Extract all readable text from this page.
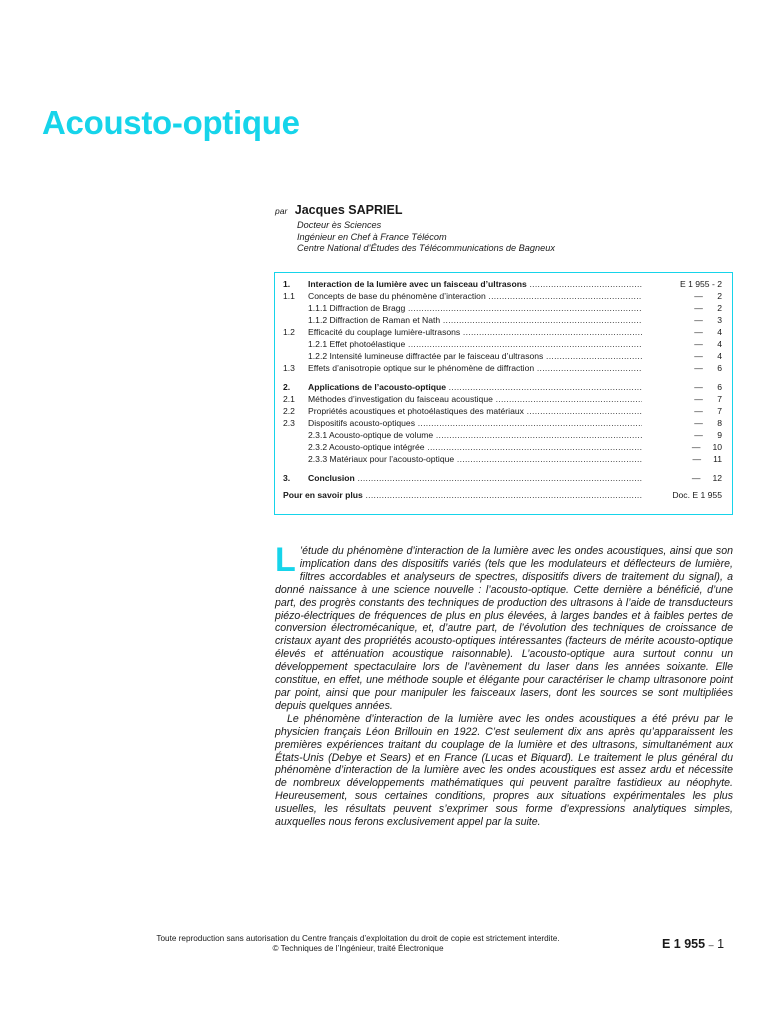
Acousto-optique
par Jacques SAPRIEL
Docteur ès Sciences
Ingénieur en Chef à France Télécom
Centre National d’Études des Télécommunications de Bagneux
1. Interaction de la lumière avec un faisceau d’ultrasons .....	E 1 955 - 2
1.1 Concepts de base du phénomène d’interaction .....	—      2
1.1.1 Diffraction de Bragg .....	—      2
1.1.2 Diffraction de Raman et Nath .....	—      3
1.2 Efficacité du couplage lumière-ultrasons .....	—      4
1.2.1 Effet photoélastique .....	—      4
1.2.2 Intensité lumineuse diffractée par le faisceau d’ultrasons .....	—      4
1.3 Effets d’anisotropie optique sur le phénomène de diffraction .....	—      6
2. Applications de l’acousto-optique .....	—      6
2.1 Méthodes d’investigation du faisceau acoustique .....	—      7
2.2 Propriétés acoustiques et photoélastiques des matériaux .....	—      7
2.3 Dispositifs acousto-optiques .....	—      8
2.3.1 Acousto-optique de volume .....	—      9
2.3.2 Acousto-optique intégrée .....	—     10
2.3.3 Matériaux pour l’acousto-optique .....	—     11
3. Conclusion .....	—     12
Pour en savoir plus .....	Doc. E 1 955

L ’étude du phénomène d’interaction de la lumière avec les ondes acoustiques, ainsi que son implication dans des dispositifs variés (tels que les modulateurs et déflecteurs de lumière, filtres accordables et analyseurs de spectres, dispositifs divers de traitement du signal), a donné naissance à une science nouvelle : l’acousto-optique. Cette dernière a bénéficié, d’une part, des progrès constants des techniques de production des ultrasons à l’aide de transducteurs piézo-électriques de fréquences de plus en plus élevées, à larges bandes et à faibles pertes de conversion électromécanique, et, d’autre part, de l’évolution des techniques de croissance de cristaux ayant des propriétés acousto-optiques intéressantes (facteurs de mérite acousto-optique élevés et atténuation acoustique raisonnable). L’acousto-optique aura surtout connu un développement spectaculaire lors de l’avènement du laser dans les années soixante. Elle constitue, en effet, une méthode souple et élégante pour caractériser le champ ultrasonore point par point, ainsi que pour manipuler les faisceaux lasers, dont les sources se sont multipliées depuis quelques années.

Le phénomène d’interaction de la lumière avec les ondes acoustiques a été prévu par le physicien français Léon Brillouin en 1922. C’est seulement dix ans après qu’apparaissent les premières expériences traitant du couplage de la lumière et des ultrasons, simultanément aux États-Unis (Debye et Sears) et en France (Lucas et Biquard). Le traitement le plus général du phénomène d’interaction de la lumière avec les ondes acoustiques est assez ardu et nécessite de nombreux développements mathématiques qui peuvent paraître fastidieux au néophyte. Heureusement, sous certaines conditions, propres aux situations expérimentales les plus usuelles, les résultats peuvent s’exprimer sous forme d’expressions analytiques simples, auxquelles nous ferons exclusivement appel par la suite.

Toute reproduction sans autorisation du Centre français d’exploitation du droit de copie est strictement interdite.
© Techniques de l’Ingénieur, traité Électronique	E 1 955 – 1
